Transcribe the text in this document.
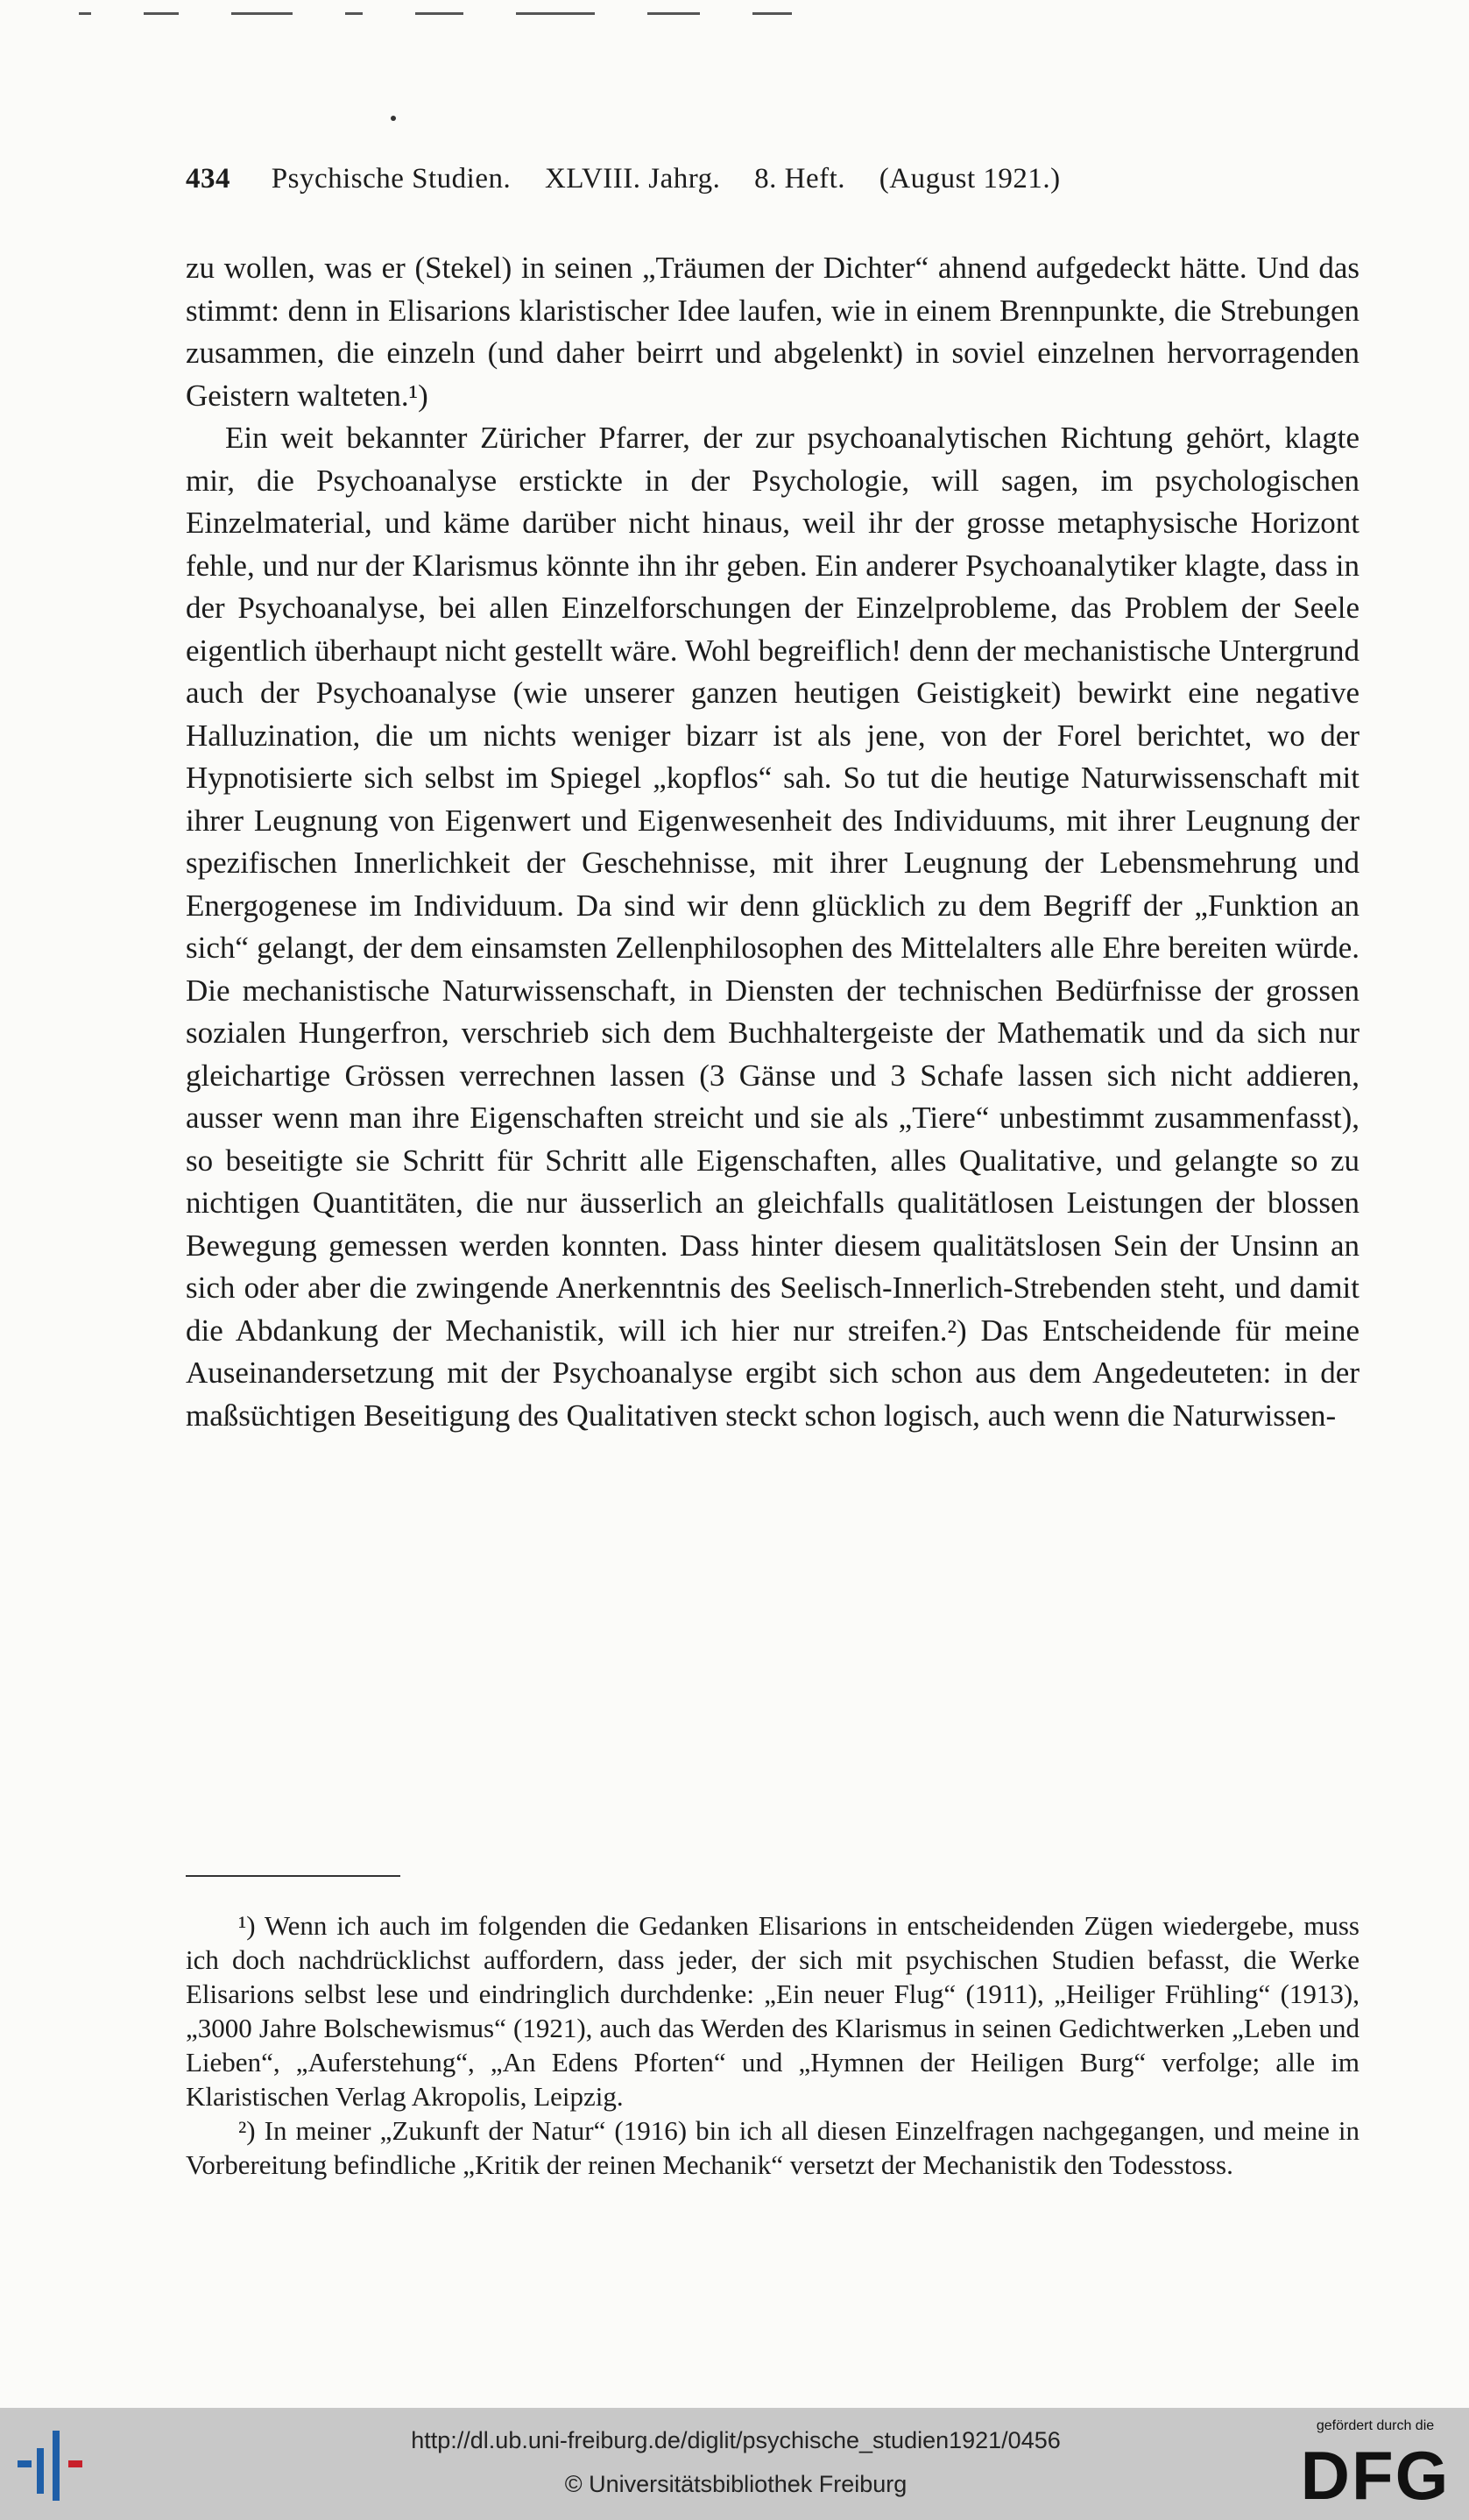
434 Psychische Studien. XLVIII. Jahrg. 8. Heft. (August 1921.)

zu wollen, was er (Stekel) in seinen „Träumen der Dichter“ ahnend aufgedeckt hätte. Und das stimmt: denn in Elisarions klaristischer Idee laufen, wie in einem Brennpunkte, die Strebungen zusammen, die einzeln (und daher beirrt und abgelenkt) in soviel einzelnen hervorragenden Geistern walteten.¹)

Ein weit bekannter Züricher Pfarrer, der zur psychoanalytischen Richtung gehört, klagte mir, die Psychoanalyse erstickte in der Psychologie, will sagen, im psychologischen Einzelmaterial, und käme darüber nicht hinaus, weil ihr der grosse metaphysische Horizont fehle, und nur der Klarismus könnte ihn ihr geben. Ein anderer Psychoanalytiker klagte, dass in der Psychoanalyse, bei allen Einzelforschungen der Einzelprobleme, das Problem der Seele eigentlich überhaupt nicht gestellt wäre. Wohl begreiflich! denn der mechanistische Untergrund auch der Psychoanalyse (wie unserer ganzen heutigen Geistigkeit) bewirkt eine negative Halluzination, die um nichts weniger bizarr ist als jene, von der Forel berichtet, wo der Hypnotisierte sich selbst im Spiegel „kopflos“ sah. So tut die heutige Naturwissenschaft mit ihrer Leugnung von Eigenwert und Eigenwesenheit des Individuums, mit ihrer Leugnung der spezifischen Innerlichkeit der Geschehnisse, mit ihrer Leugnung der Lebensmehrung und Energogenese im Individuum. Da sind wir denn glücklich zu dem Begriff der „Funktion an sich“ gelangt, der dem einsamsten Zellenphilosophen des Mittelalters alle Ehre bereiten würde. Die mechanistische Naturwissenschaft, in Diensten der technischen Bedürfnisse der grossen sozialen Hungerfron, verschrieb sich dem Buchhaltergeiste der Mathematik und da sich nur gleichartige Grössen verrechnen lassen (3 Gänse und 3 Schafe lassen sich nicht addieren, ausser wenn man ihre Eigenschaften streicht und sie als „Tiere“ unbestimmt zusammenfasst), so beseitigte sie Schritt für Schritt alle Eigenschaften, alles Qualitative, und gelangte so zu nichtigen Quantitäten, die nur äusserlich an gleichfalls qualitätlosen Leistungen der blossen Bewegung gemessen werden konnten. Dass hinter diesem qualitätslosen Sein der Unsinn an sich oder aber die zwingende Anerkenntnis des Seelisch-Innerlich-Strebenden steht, und damit die Abdankung der Mechanistik, will ich hier nur streifen.²) Das Entscheidende für meine Auseinandersetzung mit der Psychoanalyse ergibt sich schon aus dem Angedeuteten: in der maßsüchtigen Beseitigung des Qualitativen steckt schon logisch, auch wenn die Naturwissen-

¹) Wenn ich auch im folgenden die Gedanken Elisarions in entscheidenden Zügen wiedergebe, muss ich doch nachdrücklichst auffordern, dass jeder, der sich mit psychischen Studien befasst, die Werke Elisarions selbst lese und eindringlich durchdenke: „Ein neuer Flug“ (1911), „Heiliger Frühling“ (1913), „3000 Jahre Bolschewismus“ (1921), auch das Werden des Klarismus in seinen Gedichtwerken „Leben und Lieben“, „Auferstehung“, „An Edens Pforten“ und „Hymnen der Heiligen Burg“ verfolge; alle im Klaristischen Verlag Akropolis, Leipzig.

²) In meiner „Zukunft der Natur“ (1916) bin ich all diesen Einzelfragen nachgegangen, und meine in Vorbereitung befindliche „Kritik der reinen Mechanik“ versetzt der Mechanistik den Todesstoss.

http://dl.ub.uni-freiburg.de/diglit/psychische_studien1921/0456
© Universitätsbibliothek Freiburg
gefördert durch die
DFG
